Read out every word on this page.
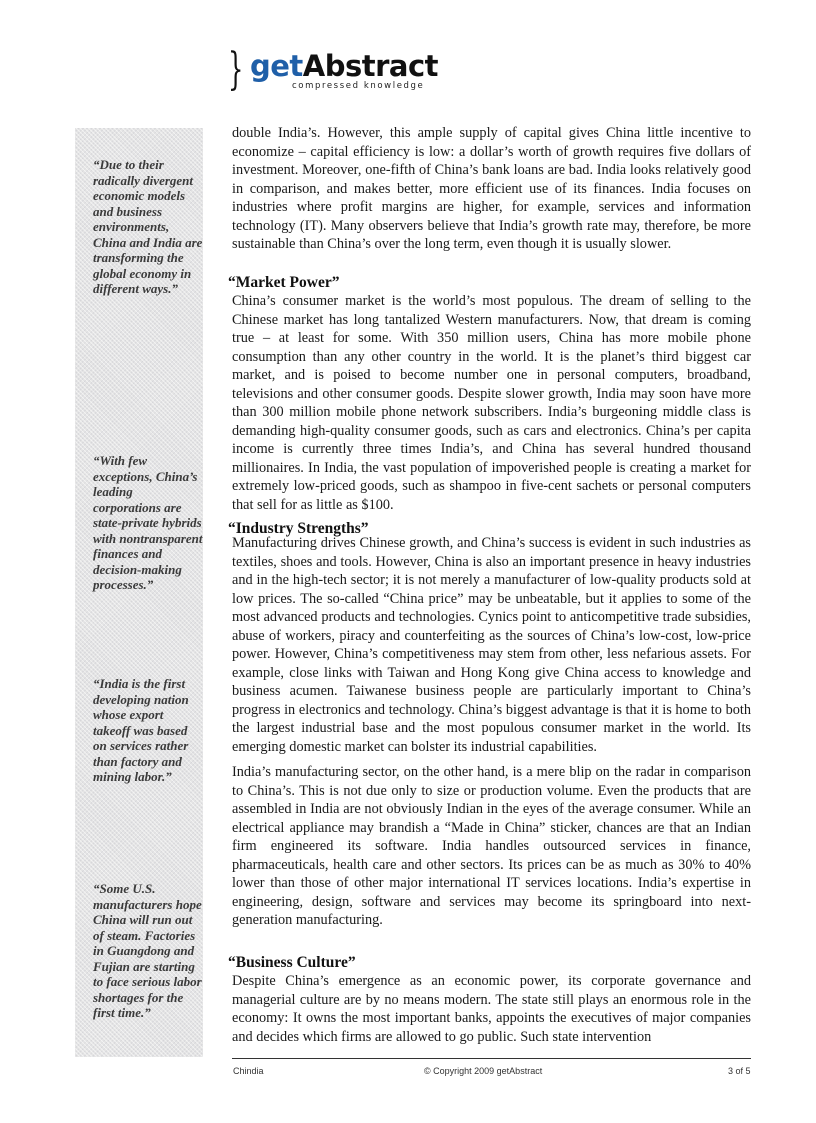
} getAbstract
compressed knowledge
“Due to their radically divergent economic models and business environments, China and India are transforming the global economy in different ways.”
“With few exceptions, China’s leading corporations are state-private hybrids with nontransparent finances and decision-making processes.”
“India is the first developing nation whose export takeoff was based on services rather than factory and mining labor.”
“Some U.S. manufacturers hope China will run out of steam. Factories in Guangdong and Fujian are starting to face serious labor shortages for the first time.”

double India’s. However, this ample supply of capital gives China little incentive to economize – capital efficiency is low: a dollar’s worth of growth requires five dollars of investment. Moreover, one-fifth of China’s bank loans are bad. India looks relatively good in comparison, and makes better, more efficient use of its finances. India focuses on industries where profit margins are higher, for example, services and information technology (IT). Many observers believe that India’s growth rate may, therefore, be more sustainable than China’s over the long term, even though it is usually slower.

“Market Power”

China’s consumer market is the world’s most populous. The dream of selling to the Chinese market has long tantalized Western manufacturers. Now, that dream is coming true – at least for some. With 350 million users, China has more mobile phone consumption than any other country in the world. It is the planet’s third biggest car market, and is poised to become number one in personal computers, broadband, televisions and other consumer goods. Despite slower growth, India may soon have more than 300 million mobile phone network subscribers. India’s burgeoning middle class is demanding high-quality consumer goods, such as cars and electronics. China’s per capita income is currently three times India’s, and China has several hundred thousand millionaires. In India, the vast population of impoverished people is creating a market for extremely low-priced goods, such as shampoo in five-cent sachets or personal computers that sell for as little as $100.

“Industry Strengths”

Manufacturing drives Chinese growth, and China’s success is evident in such industries as textiles, shoes and tools. However, China is also an important presence in heavy industries and in the high-tech sector; it is not merely a manufacturer of low-quality products sold at low prices. The so-called “China price” may be unbeatable, but it applies to some of the most advanced products and technologies. Cynics point to anticompetitive trade subsidies, abuse of workers, piracy and counterfeiting as the sources of China’s low-cost, low-price power. However, China’s competitiveness may stem from other, less nefarious assets. For example, close links with Taiwan and Hong Kong give China access to knowledge and business acumen. Taiwanese business people are particularly important to China’s progress in electronics and technology. China’s biggest advantage is that it is home to both the largest industrial base and the most populous consumer market in the world. Its emerging domestic market can bolster its industrial capabilities.

India’s manufacturing sector, on the other hand, is a mere blip on the radar in comparison to China’s. This is not due only to size or production volume. Even the products that are assembled in India are not obviously Indian in the eyes of the average consumer. While an electrical appliance may brandish a “Made in China” sticker, chances are that an Indian firm engineered its software. India handles outsourced services in finance, pharmaceuticals, health care and other sectors. Its prices can be as much as 30% to 40% lower than those of other major international IT services locations. India’s expertise in engineering, design, software and services may become its springboard into next-generation manufacturing.

“Business Culture”

Despite China’s emergence as an economic power, its corporate governance and managerial culture are by no means modern. The state still plays an enormous role in the economy: It owns the most important banks, appoints the executives of major companies and decides which firms are allowed to go public. Such state intervention

Chindia	© Copyright 2009 getAbstract	3 of 5
